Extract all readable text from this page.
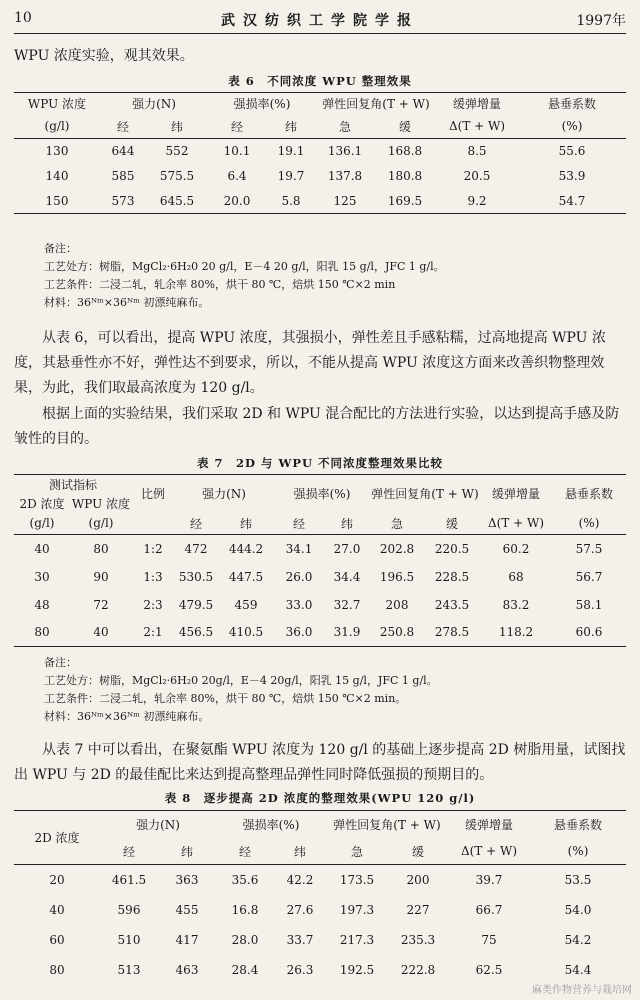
10	武汉纺织工学院学报	1997年
WPU 浓度实验，观其效果。
表 6　不同浓度 WPU 整理效果
WPU 浓度	强力(N)		强损率(%)		弹性回复角(T + W)		缓弹增量	悬垂系数
(g/l)	经	纬	经	纬	急	缓	Δ(T + W)	(%)
130	644	552	10.1	19.1	136.1	168.8	8.5	55.6
140	585	575.5	6.4	19.7	137.8	180.8	20.5	53.9
150	573	645.5	20.0	5.8	125	169.5	9.2	54.7
备注：
工艺处方：树脂，MgCl₂·6H₂0 20 g/l，E－4 20 g/l，阳乳 15 g/l，JFC 1 g/l。
工艺条件：二浸二轧，轧余率 80%，烘干 80 ℃，焙烘 150 ℃×2 min
材料：36ᴺᵐ×36ᴺᵐ 初漂纯麻布。
从表 6，可以看出，提高 WPU 浓度，其强损小，弹性差且手感粘糯，过高地提高 WPU 浓度，其悬垂性亦不好，弹性达不到要求，所以，不能从提高 WPU 浓度这方面来改善织物整理效果，为此，我们取最高浓度为 120 g/l。
根据上面的实验结果，我们采取 2D 和 WPU 混合配比的方法进行实验，以达到提高手感及防皱性的目的。
表 7　2D 与 WPU 不同浓度整理效果比较
测试指标		比例	强力(N)		强损率(%)		弹性回复角(T + W)		缓弹增量	悬垂系数
2D 浓度	WPU 浓度									
(g/l)	(g/l)		经	纬	经	纬	急	缓	Δ(T + W)	(%)
40	80	1:2	472	444.2	34.1	27.0	202.8	220.5	60.2	57.5
30	90	1:3	530.5	447.5	26.0	34.4	196.5	228.5	68	56.7
48	72	2:3	479.5	459	33.0	32.7	208	243.5	83.2	58.1
80	40	2:1	456.5	410.5	36.0	31.9	250.8	278.5	118.2	60.6
备注：
工艺处方：树脂，MgCl₂·6H₂0 20g/l，E－4 20g/l，阳乳 15 g/l，JFC 1 g/l。
工艺条件：二浸二轧，轧余率 80%，烘干 80 ℃，焙烘 150 ℃×2 min。
材料：36ᴺᵐ×36ᴺᵐ 初漂纯麻布。
从表 7 中可以看出，在聚氨酯 WPU 浓度为 120 g/l 的基础上逐步提高 2D 树脂用量，试图找出 WPU 与 2D 的最佳配比来达到提高整理品弹性同时降低强损的预期目的。
表 8　逐步提高 2D 浓度的整理效果(WPU 120 g/l)
2D 浓度	强力(N)		强损率(%)		弹性回复角(T + W)		缓弹增量	悬垂系数
	经	纬	经	纬	急	缓	Δ(T + W)	(%)
20	461.5	363	35.6	42.2	173.5	200	39.7	53.5
40	596	455	16.8	27.6	197.3	227	66.7	54.0
60	510	417	28.0	33.7	217.3	235.3	75	54.2
80	513	463	28.4	26.3	192.5	222.8	62.5	54.4
麻类作物营养与栽培网
